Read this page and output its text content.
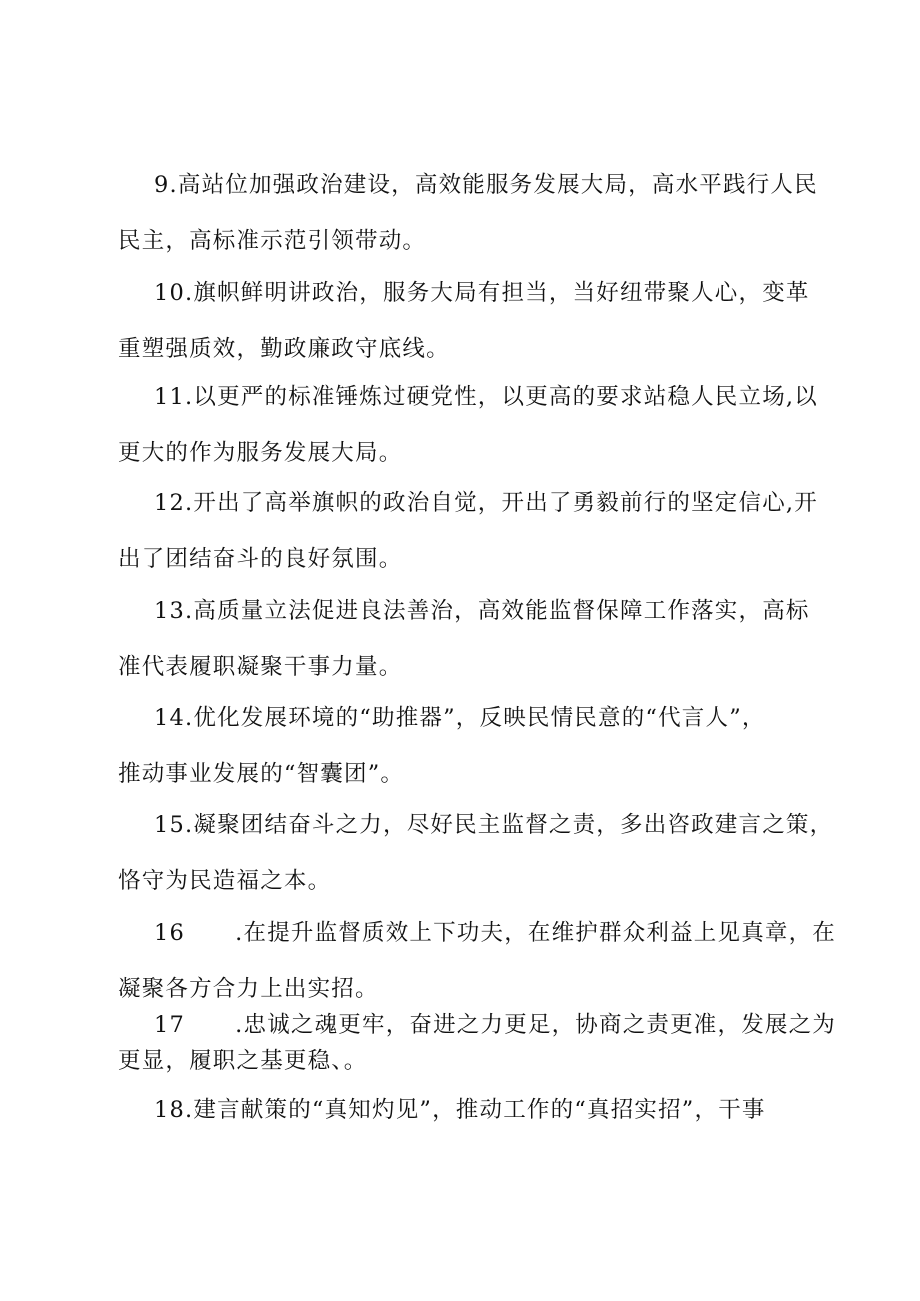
9.高站位加强政治建设，高效能服务发展大局，高水平践行人民
民主，高标准示范引领带动。
10.旗帜鲜明讲政治，服务大局有担当，当好纽带聚人心，变革
重塑强质效，勤政廉政守底线。
11.以更严的标准锤炼过硬党性，以更高的要求站稳人民立场,以
更大的作为服务发展大局。
12.开出了高举旗帜的政治自觉，开出了勇毅前行的坚定信心,开
出了团结奋斗的良好氛围。
13.高质量立法促进良法善治，高效能监督保障工作落实，高标
准代表履职凝聚干事力量。
14.优化发展环境的“助推器”，反映民情民意的“代言人”，
推动事业发展的“智囊团”。
15.凝聚团结奋斗之力，尽好民主监督之责，多出咨政建言之策，
恪守为民造福之本。
16      .在提升监督质效上下功夫，在维护群众利益上见真章，在
凝聚各方合力上出实招。
17      .忠诚之魂更牢，奋进之力更足，协商之责更准，发展之为
更显，履职之基更稳、。
18.建言献策的“真知灼见”，推动工作的“真招实招”，干事
